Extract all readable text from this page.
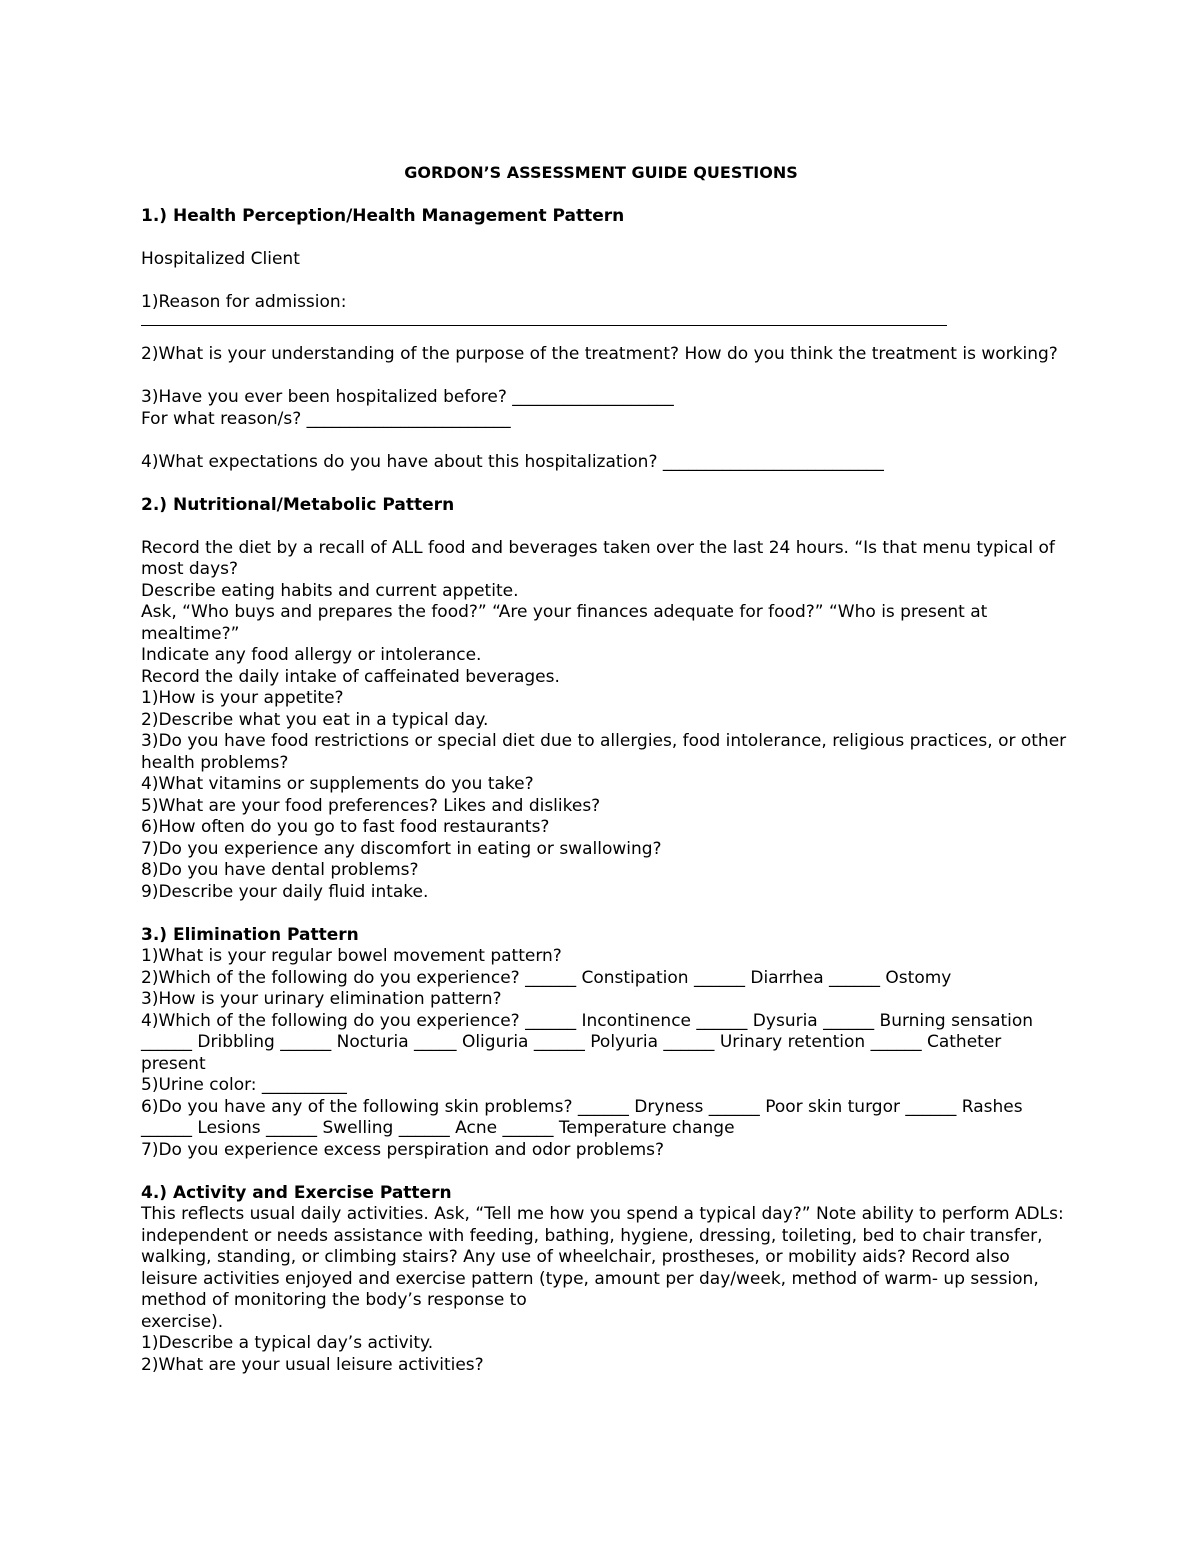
GORDON’S ASSESSMENT GUIDE QUESTIONS

1.) Health Perception/Health Management Pattern

Hospitalized Client

1)Reason for admission:

2)What is your understanding of the purpose of the treatment? How do you think the treatment is working?

3)Have you ever been hospitalized before? ___________________

For what reason/s? ________________________

4)What expectations do you have about this hospitalization? __________________________

2.) Nutritional/Metabolic Pattern

Record the diet by a recall of ALL food and beverages taken over the last 24 hours. “Is that menu typical of most days?

Describe eating habits and current appetite.

Ask, “Who buys and prepares the food?” “Are your finances adequate for food?” “Who is present at mealtime?”

Indicate any food allergy or intolerance.

Record the daily intake of caffeinated beverages.

1)How is your appetite?

2)Describe what you eat in a typical day.

3)Do you have food restrictions or special diet due to allergies, food intolerance, religious practices, or other health problems?

4)What vitamins or supplements do you take?

5)What are your food preferences? Likes and dislikes?

6)How often do you go to fast food restaurants?

7)Do you experience any discomfort in eating or swallowing?

8)Do you have dental problems?

9)Describe your daily fluid intake.

3.) Elimination Pattern

1)What is your regular bowel movement pattern?

2)Which of the following do you experience? ______ Constipation ______ Diarrhea ______ Ostomy

3)How is your urinary elimination pattern?

4)Which of the following do you experience? ______ Incontinence ______ Dysuria ______ Burning sensation ______ Dribbling ______ Nocturia _____ Oliguria ______ Polyuria ______ Urinary retention ______ Catheter present

5)Urine color: __________

6)Do you have any of the following skin problems? ______ Dryness ______ Poor skin turgor ______ Rashes ______ Lesions ______ Swelling ______ Acne ______ Temperature change

7)Do you experience excess perspiration and odor problems?

4.) Activity and Exercise Pattern

This reflects usual daily activities. Ask, “Tell me how you spend a typical day?” Note ability to perform ADLs: independent or needs assistance with feeding, bathing, hygiene, dressing, toileting, bed to chair transfer, walking, standing, or climbing stairs? Any use of wheelchair, prostheses, or mobility aids? Record also leisure activities enjoyed and exercise pattern (type, amount per day/week, method of warm- up session, method of monitoring the body’s response to

exercise).

1)Describe a typical day’s activity.

2)What are your usual leisure activities?
